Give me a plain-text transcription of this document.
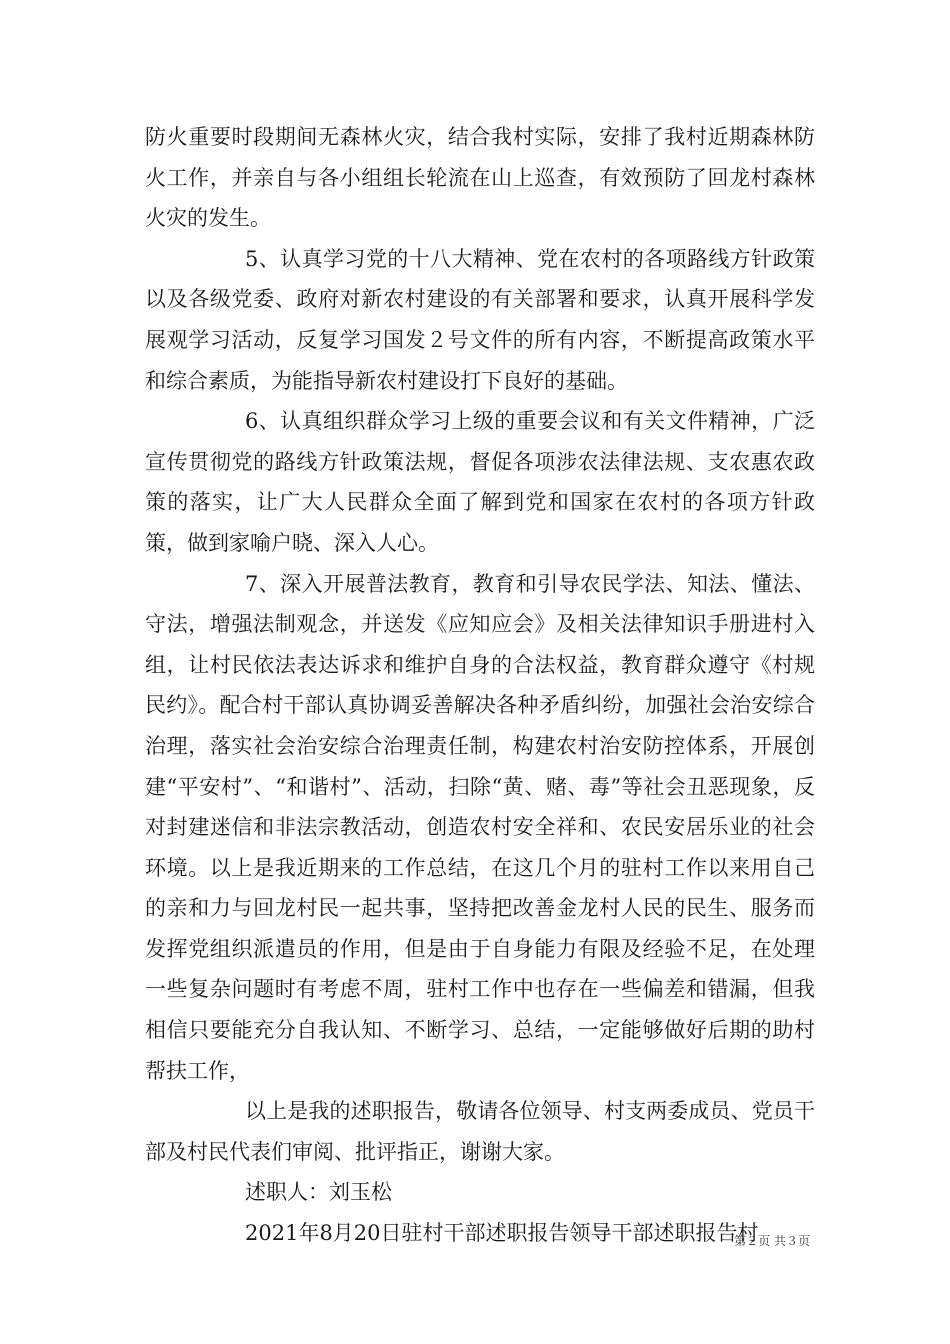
防火重要时段期间无森林火灾，结合我村实际，安排了我村近期森林防火工作，并亲自与各小组组长轮流在山上巡查，有效预防了回龙村森林火灾的发生。

5、认真学习党的十八大精神、党在农村的各项路线方针政策以及各级党委、政府对新农村建设的有关部署和要求，认真开展科学发展观学习活动，反复学习国发２号文件的所有内容，不断提高政策水平和综合素质，为能指导新农村建设打下良好的基础。

6、认真组织群众学习上级的重要会议和有关文件精神，广泛宣传贯彻党的路线方针政策法规，督促各项涉农法律法规、支农惠农政策的落实，让广大人民群众全面了解到党和国家在农村的各项方针政策，做到家喻户晓、深入人心。

7、深入开展普法教育，教育和引导农民学法、知法、懂法、守法，增强法制观念，并送发《应知应会》及相关法律知识手册进村入组，让村民依法表达诉求和维护自身的合法权益，教育群众遵守《村规民约》。配合村干部认真协调妥善解决各种矛盾纠纷，加强社会治安综合治理，落实社会治安综合治理责任制，构建农村治安防控体系，开展创建“平安村”、“和谐村”、活动，扫除“黄、赌、毒”等社会丑恶现象，反对封建迷信和非法宗教活动，创造农村安全祥和、农民安居乐业的社会环境。以上是我近期来的工作总结，在这几个月的驻村工作以来用自己的亲和力与回龙村民一起共事，坚持把改善金龙村人民的民生、服务而发挥党组织派遣员的作用，但是由于自身能力有限及经验不足，在处理一些复杂问题时有考虑不周，驻村工作中也存在一些偏差和错漏，但我相信只要能充分自我认知、不断学习、总结，一定能够做好后期的助村帮扶工作，

以上是我的述职报告，敬请各位领导、村支两委成员、党员干部及村民代表们审阅、批评指正，谢谢大家。

述职人：刘玉松

2021年8月20日驻村干部述职报告领导干部述职报告村

第２页 共３页
